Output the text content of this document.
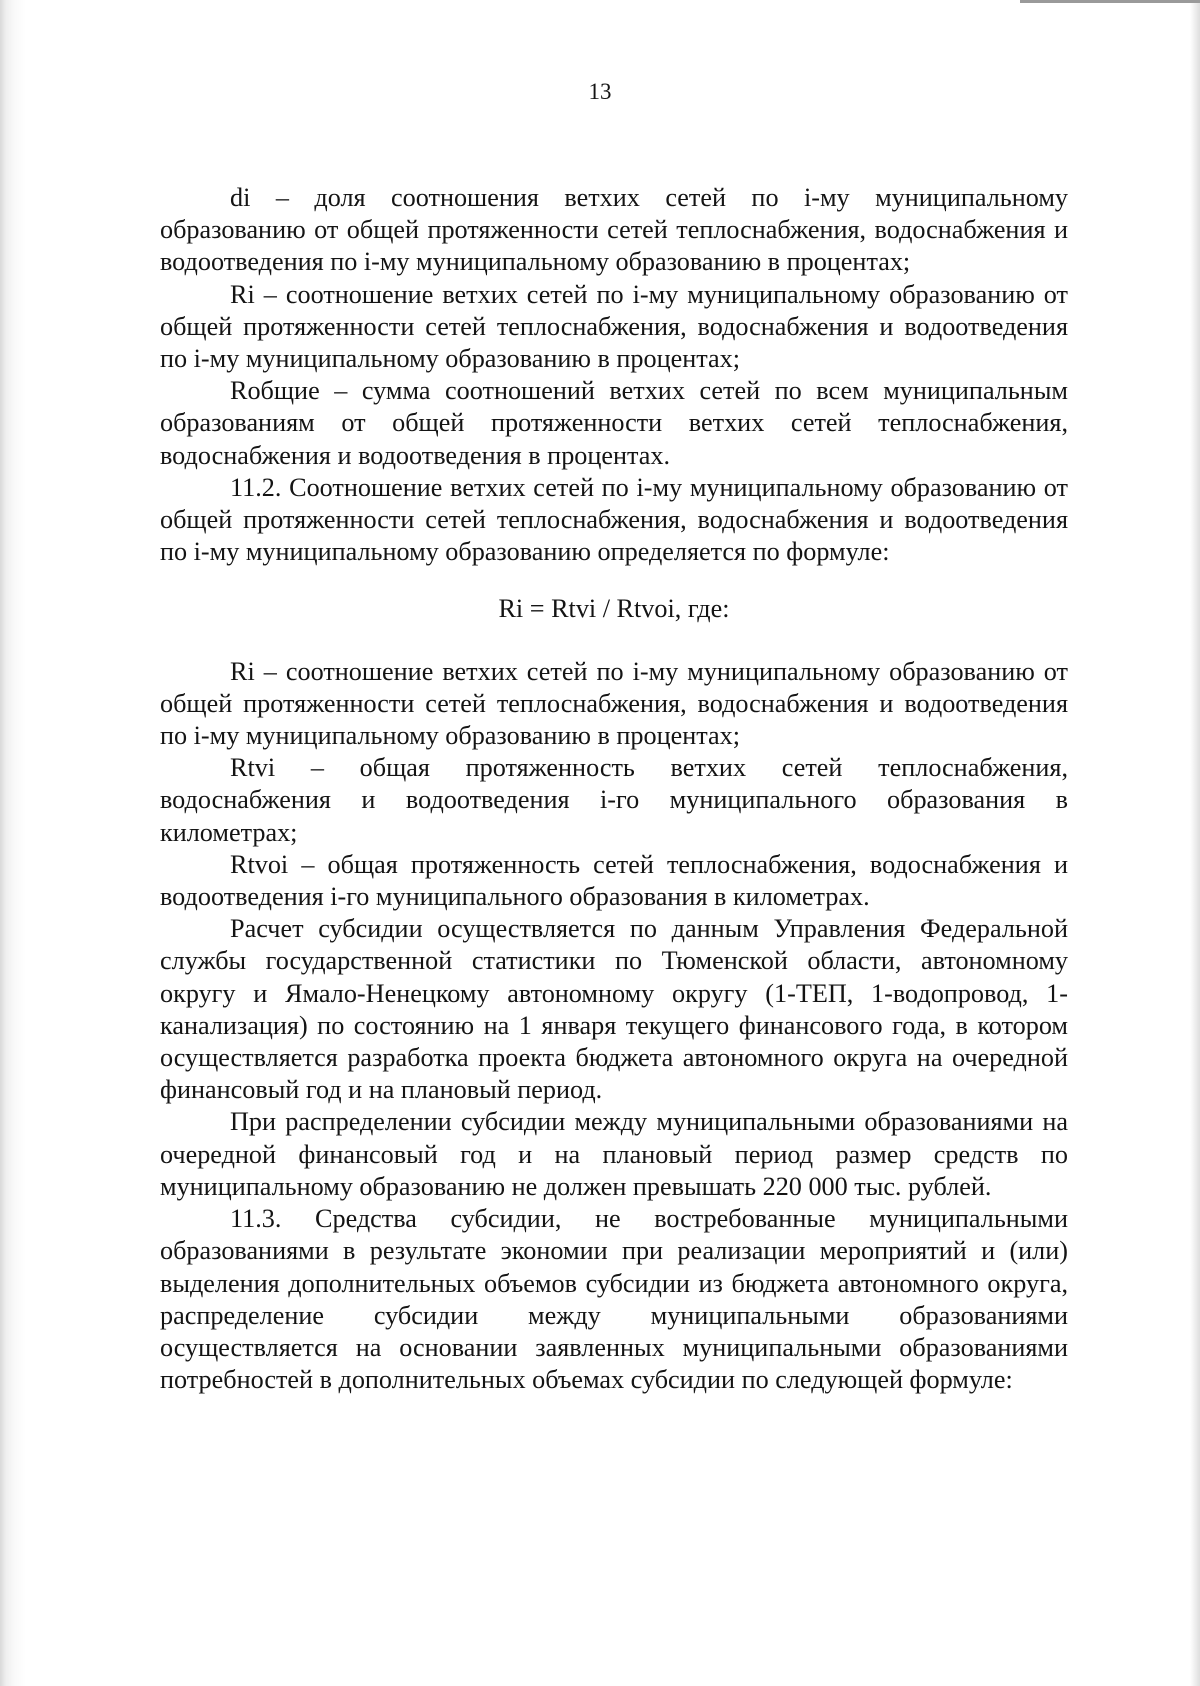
13

di – доля соотношения ветхих сетей по i-му муниципальному образованию от общей протяженности сетей теплоснабжения, водоснабжения и водоотведения по i-му муниципальному образованию в процентах;

Ri – соотношение ветхих сетей по i-му муниципальному образованию от общей протяженности сетей теплоснабжения, водоснабжения и водоотведения по i-му муниципальному образованию в процентах;

Rобщие – сумма соотношений ветхих сетей по всем муниципальным образованиям от общей протяженности ветхих сетей теплоснабжения, водоснабжения и водоотведения в процентах.

11.2. Соотношение ветхих сетей по i-му муниципальному образованию от общей протяженности сетей теплоснабжения, водоснабжения и водоотведения по i-му муниципальному образованию определяется по формуле:

Ri = Rtvi / Rtvoi, где:

Ri – соотношение ветхих сетей по i-му муниципальному образованию от общей протяженности сетей теплоснабжения, водоснабжения и водоотведения по i-му муниципальному образованию в процентах;

Rtvi – общая протяженность ветхих сетей теплоснабжения, водоснабжения и водоотведения i-го муниципального образования в километрах;

Rtvoi – общая протяженность сетей теплоснабжения, водоснабжения и водоотведения i-го муниципального образования в километрах.

Расчет субсидии осуществляется по данным Управления Федеральной службы государственной статистики по Тюменской области, автономному округу и Ямало-Ненецкому автономному округу (1-ТЕП, 1-водопровод, 1-канализация) по состоянию на 1 января текущего финансового года, в котором осуществляется разработка проекта бюджета автономного округа на очередной финансовый год и на плановый период.

При распределении субсидии между муниципальными образованиями на очередной финансовый год и на плановый период размер средств по муниципальному образованию не должен превышать 220 000 тыс. рублей.

11.3. Средства субсидии, не востребованные муниципальными образованиями в результате экономии при реализации мероприятий и (или) выделения дополнительных объемов субсидии из бюджета автономного округа, распределение субсидии между муниципальными образованиями осуществляется на основании заявленных муниципальными образованиями потребностей в дополнительных объемах субсидии по следующей формуле:
